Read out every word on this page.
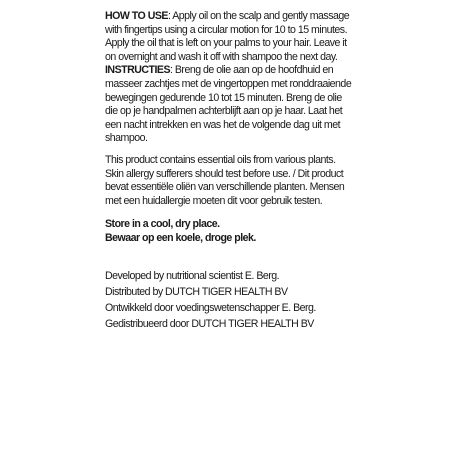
HOW TO USE: Apply oil on the scalp and gently massage with fingertips using a circular motion for 10 to 15 minutes. Apply the oil that is left on your palms to your hair. Leave it on overnight and wash it off with shampoo the next day. INSTRUCTIES: Breng de olie aan op de hoofdhuid en masseer zachtjes met de vingertoppen met ronddraaiende bewegingen gedurende 10 tot 15 minuten. Breng de olie die op je handpalmen achterblijft aan op je haar. Laat het een nacht intrekken en was het de volgende dag uit met shampoo.
This product contains essential oils from various plants. Skin allergy sufferers should test before use. / Dit product bevat essentiële oliën van verschillende planten. Mensen met een huidallergie moeten dit voor gebruik testen.
Store in a cool, dry place.
Bewaar op een koele, droge plek.
Developed by nutritional scientist E. Berg.
Distributed by DUTCH TIGER HEALTH BV
Ontwikkeld door voedingswetenschapper E. Berg.
Gedistribueerd door DUTCH TIGER HEALTH BV
